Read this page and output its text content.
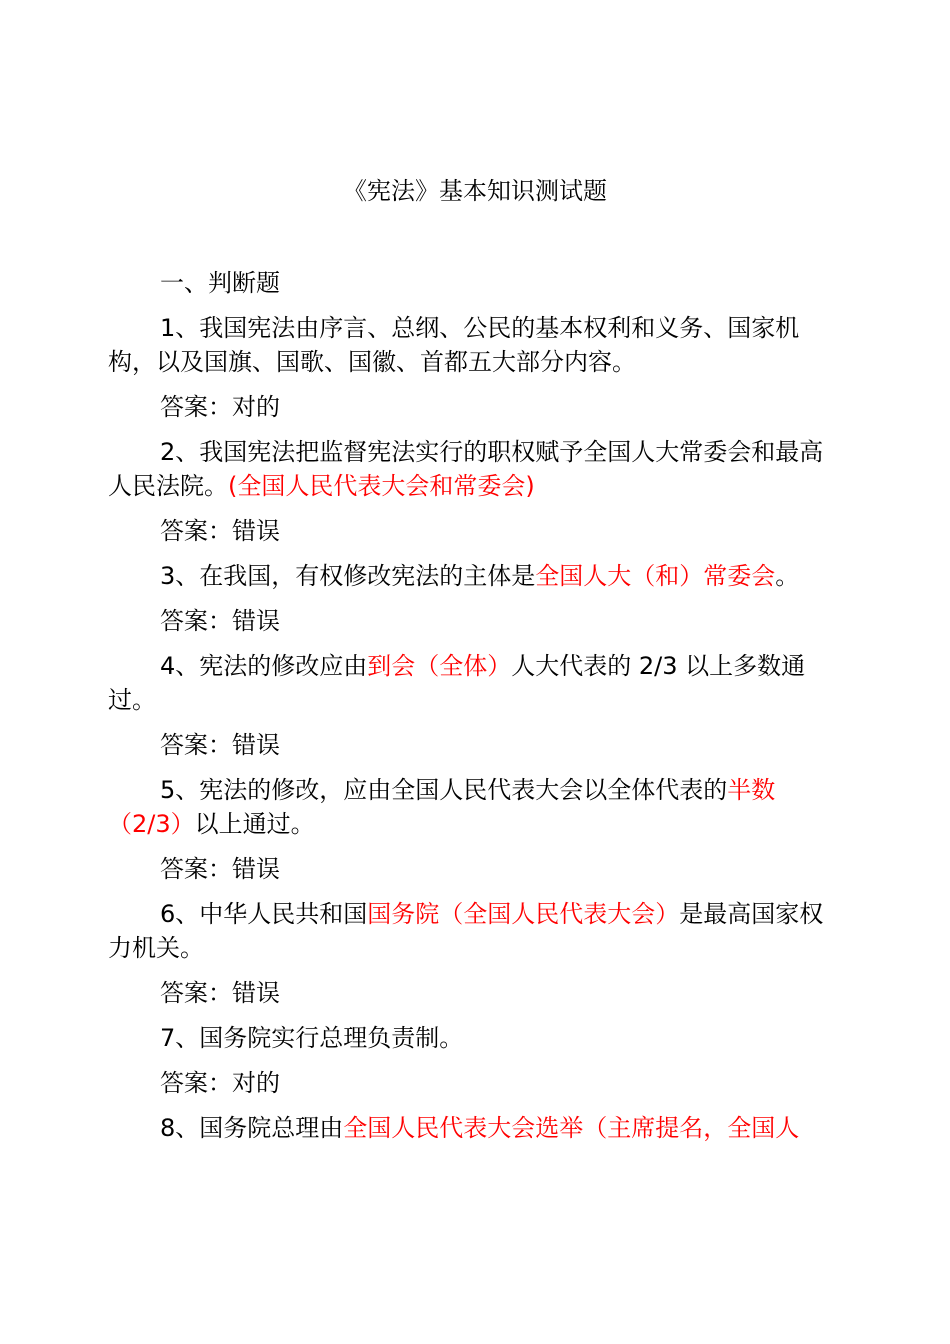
《宪法》基本知识测试题

一、判断题

1、我国宪法由序言、总纲、公民的基本权利和义务、国家机构，以及国旗、国歌、国徽、首都五大部分内容。

答案：对的

2、我国宪法把监督宪法实行的职权赋予全国人大常委会和最高人民法院。(全国人民代表大会和常委会)

答案：错误

3、在我国，有权修改宪法的主体是全国人大（和）常委会。

答案：错误

4、宪法的修改应由到会（全体）人大代表的 2/3 以上多数通过。

答案：错误

5、宪法的修改，应由全国人民代表大会以全体代表的半数（2/3）以上通过。

答案：错误

6、中华人民共和国国务院（全国人民代表大会）是最高国家权力机关。

答案：错误

7、国务院实行总理负责制。

答案：对的

8、国务院总理由全国人民代表大会选举（主席提名，全国人
